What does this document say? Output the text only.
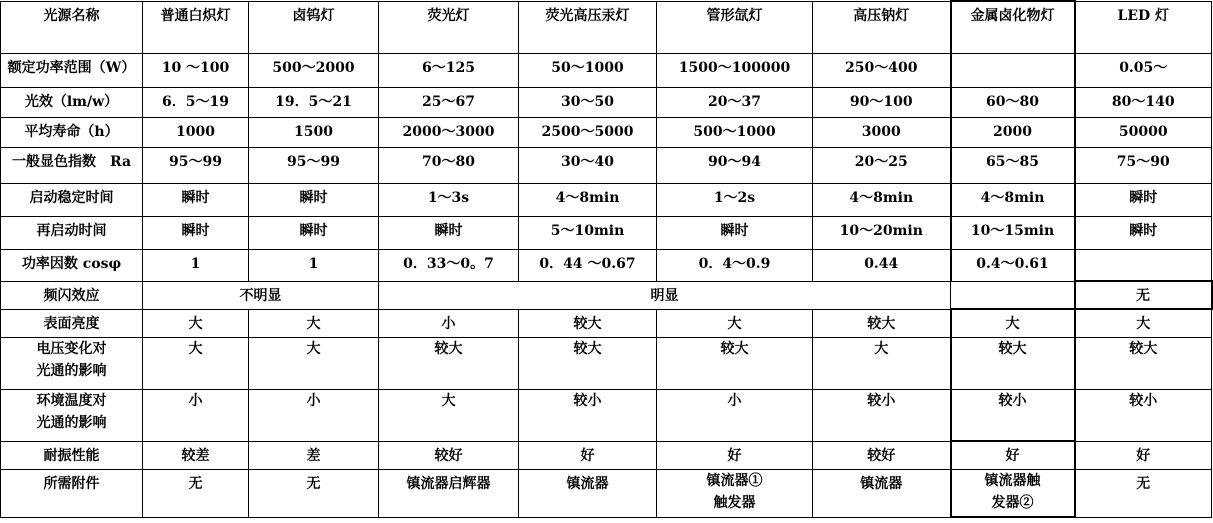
光源名称	普通白炽灯	卤钨灯	荧光灯	荧光高压汞灯	管形氙灯	高压钠灯	金属卤化物灯	LED 灯

额定功率范围（W）	10 ～100	500～2000	6～125	50～1000	1500～100000	250～400		0.05～

光效（lm/w）	6．5～19	19．5～21	25～67	30～50	20～37	90～100	60～80	80～140

平均寿命（h）	1000	1500	2000～3000	2500～5000	500～1000	3000	2000	50000

一般显色指数　Ra	95～99	95～99	70～80	30～40	90～94	20～25	65～85	75～90

启动稳定时间	瞬时	瞬时	1～3s	4～8min	1～2s	4～8min	4～8min	瞬时

再启动时间	瞬时	瞬时	瞬时	5～10min	瞬时	10～20min	10～15min	瞬时

功率因数 cosφ	1	1	0．33～0。7	0．44 ～0.67	0．4～0.9	0.44	0.4～0.61	

频闪效应	不明显		明显					无

表面亮度	大	大	小	较大	大	较大	大	大

电压变化对
光通的影响	大	大	较大	较大	较大	大	较大	较大

环境温度对
光通的影响	小	小	大	较小	小	较小	较小	较小

耐振性能	较差	差	较好	好	好	较好	好	好

所需附件	无	无	镇流器启辉器	镇流器	镇流器①
触发器	镇流器	镇流器触
发器②	无
